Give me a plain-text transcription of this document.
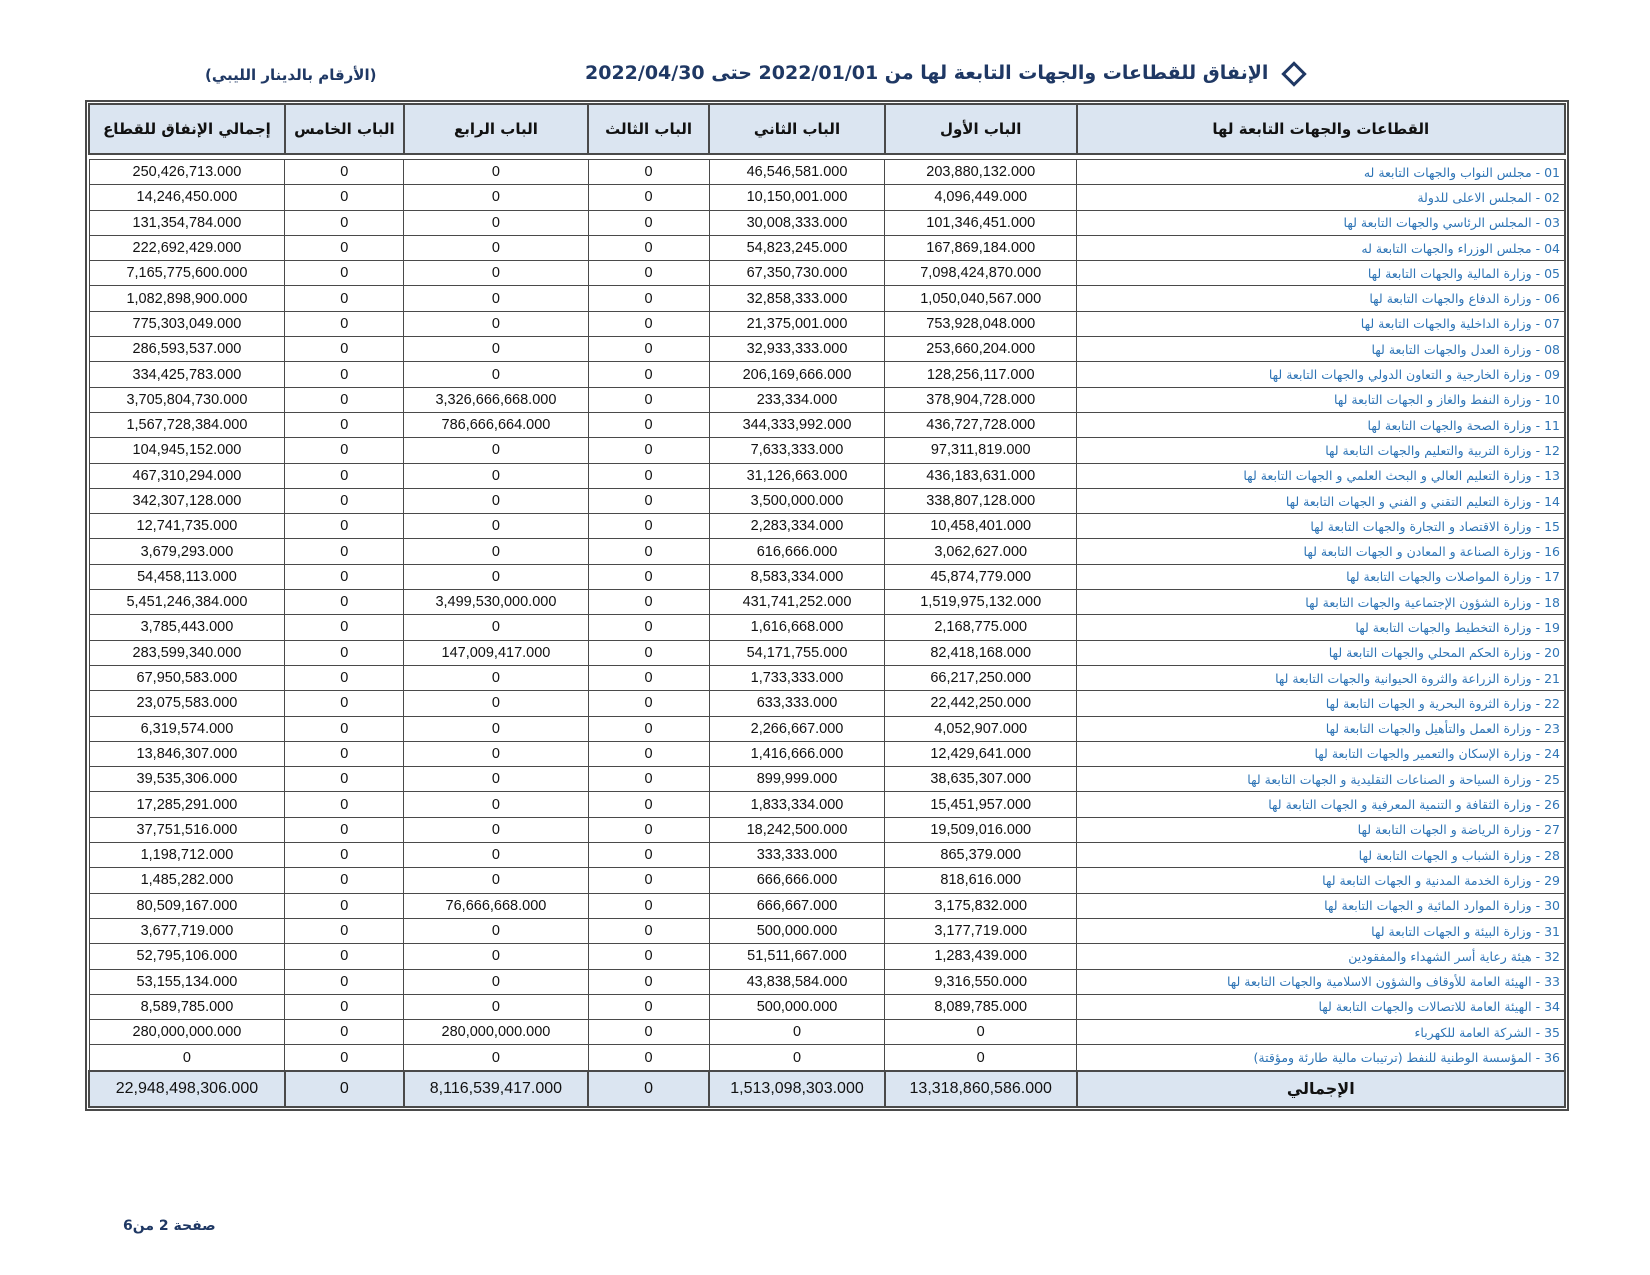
الإنفاق للقطاعات والجهات التابعة لها من 2022/01/01 حتى 2022/04/30
(الأرقام بالدينار الليبي)
القطاعات والجهات التابعة لها	الباب الأول	الباب الثاني	الباب الثالث	الباب الرابع	الباب الخامس	إجمالي الإنفاق للقطاع

01 - مجلس النواب والجهات التابعة له	203,880,132.000	46,546,581.000	0	0	0	250,426,713.000
02 - المجلس الاعلى للدولة	4,096,449.000	10,150,001.000	0	0	0	14,246,450.000
03 - المجلس الرئاسي والجهات التابعة لها	101,346,451.000	30,008,333.000	0	0	0	131,354,784.000
04 - مجلس الوزراء والجهات التابعة له	167,869,184.000	54,823,245.000	0	0	0	222,692,429.000
05 - وزارة المالية والجهات التابعة لها	7,098,424,870.000	67,350,730.000	0	0	0	7,165,775,600.000
06 - وزارة الدفاع والجهات التابعة لها	1,050,040,567.000	32,858,333.000	0	0	0	1,082,898,900.000
07 - وزارة الداخلية والجهات التابعة لها	753,928,048.000	21,375,001.000	0	0	0	775,303,049.000
08 - وزارة العدل والجهات التابعة لها	253,660,204.000	32,933,333.000	0	0	0	286,593,537.000
09 - وزارة الخارجية و التعاون الدولي والجهات التابعة لها	128,256,117.000	206,169,666.000	0	0	0	334,425,783.000
10 - وزارة النفط والغاز و الجهات التابعة لها	378,904,728.000	233,334.000	0	3,326,666,668.000	0	3,705,804,730.000
11 - وزارة الصحة والجهات التابعة لها	436,727,728.000	344,333,992.000	0	786,666,664.000	0	1,567,728,384.000
12 - وزارة التربية والتعليم والجهات التابعة لها	97,311,819.000	7,633,333.000	0	0	0	104,945,152.000
13 - وزارة التعليم العالي و البحث العلمي و الجهات التابعة لها	436,183,631.000	31,126,663.000	0	0	0	467,310,294.000
14 - وزارة التعليم التقني و الفني و الجهات التابعة لها	338,807,128.000	3,500,000.000	0	0	0	342,307,128.000
15 - وزارة الاقتصاد و التجارة والجهات التابعة لها	10,458,401.000	2,283,334.000	0	0	0	12,741,735.000
16 - وزارة الصناعة و المعادن و الجهات التابعة لها	3,062,627.000	616,666.000	0	0	0	3,679,293.000
17 - وزارة المواصلات والجهات التابعة لها	45,874,779.000	8,583,334.000	0	0	0	54,458,113.000
18 - وزارة الشؤون الإجتماعية والجهات التابعة لها	1,519,975,132.000	431,741,252.000	0	3,499,530,000.000	0	5,451,246,384.000
19 - وزارة التخطيط والجهات التابعة لها	2,168,775.000	1,616,668.000	0	0	0	3,785,443.000
20 - وزارة الحكم المحلي والجهات التابعة لها	82,418,168.000	54,171,755.000	0	147,009,417.000	0	283,599,340.000
21 - وزارة الزراعة والثروة الحيوانية والجهات التابعة لها	66,217,250.000	1,733,333.000	0	0	0	67,950,583.000
22 - وزارة الثروة البحرية و الجهات التابعة لها	22,442,250.000	633,333.000	0	0	0	23,075,583.000
23 - وزارة العمل والتأهيل والجهات التابعة لها	4,052,907.000	2,266,667.000	0	0	0	6,319,574.000
24 - وزارة الإسكان والتعمير والجهات التابعة لها	12,429,641.000	1,416,666.000	0	0	0	13,846,307.000
25 - وزارة السياحة و الصناعات التقليدية و الجهات التابعة لها	38,635,307.000	899,999.000	0	0	0	39,535,306.000
26 - وزارة الثقافة و التنمية المعرفية و الجهات التابعة لها	15,451,957.000	1,833,334.000	0	0	0	17,285,291.000
27 - وزارة الرياضة و الجهات التابعة لها	19,509,016.000	18,242,500.000	0	0	0	37,751,516.000
28 - وزارة الشباب و الجهات التابعة لها	865,379.000	333,333.000	0	0	0	1,198,712.000
29 - وزارة الخدمة المدنية و الجهات التابعة لها	818,616.000	666,666.000	0	0	0	1,485,282.000
30 - وزارة الموارد المائية و الجهات التابعة لها	3,175,832.000	666,667.000	0	76,666,668.000	0	80,509,167.000
31 - وزارة البيئة و الجهات التابعة لها	3,177,719.000	500,000.000	0	0	0	3,677,719.000
32 - هيئة رعاية أسر الشهداء والمفقودين	1,283,439.000	51,511,667.000	0	0	0	52,795,106.000
33 - الهيئة العامة للأوقاف والشؤون الاسلامية والجهات التابعة لها	9,316,550.000	43,838,584.000	0	0	0	53,155,134.000
34 - الهيئة العامة للاتصالات والجهات التابعة لها	8,089,785.000	500,000.000	0	0	0	8,589,785.000
35 - الشركة العامة للكهرباء	0	0	0	280,000,000.000	0	280,000,000.000
36 - المؤسسة الوطنية للنفط (ترتيبات مالية طارئة ومؤقتة)	0	0	0	0	0	0
الإجمالي	13,318,860,586.000	1,513,098,303.000	0	8,116,539,417.000	0	22,948,498,306.000
صفحة 2 من6
